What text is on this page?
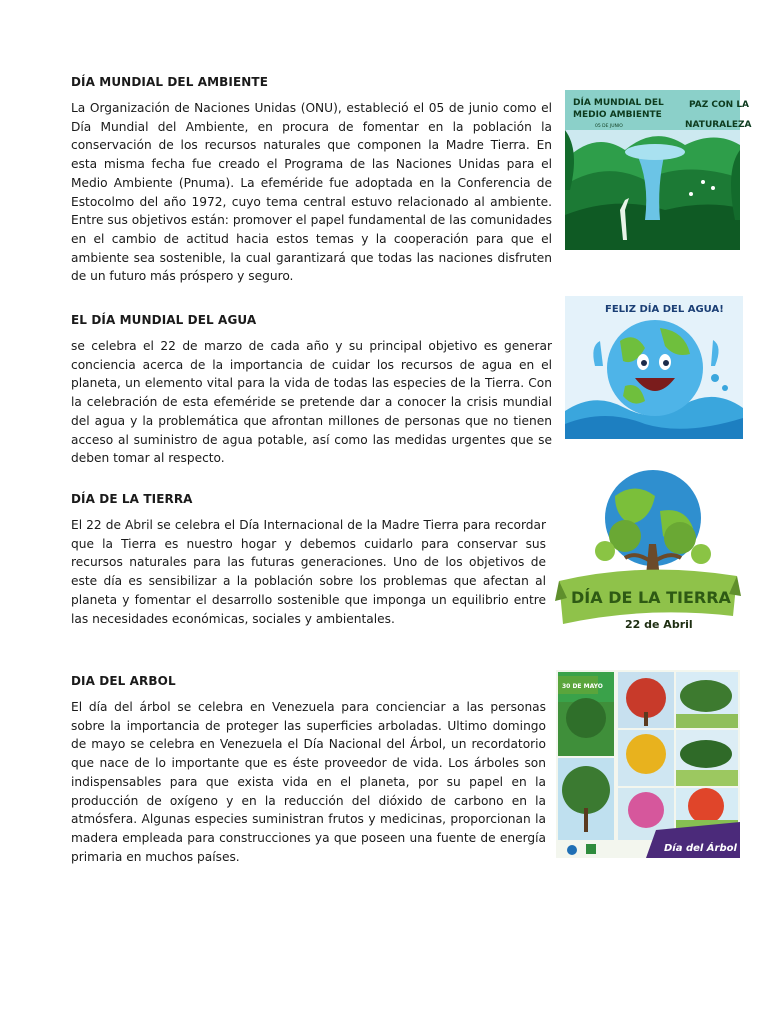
DÍA MUNDIAL DEL AMBIENTE

La Organización de Naciones Unidas (ONU), estableció el 05 de junio como el Día Mundial del Ambiente, en procura de fomentar en la población la conservación de los recursos naturales que componen la Madre Tierra. En esta misma fecha fue creado el Programa de las Naciones Unidas para el Medio Ambiente (Pnuma). La efeméride fue adoptada en la Conferencia de Estocolmo del año 1972, cuyo tema central estuvo relacionado al ambiente. Entre sus objetivos están: promover el papel fundamental de las comunidades en el cambio de actitud hacia estos temas y la cooperación para que el ambiente sea sostenible, la cual garantizará que todas las naciones disfruten de un futuro más próspero y seguro.

DÍA MUNDIAL DEL
MEDIO AMBIENTE
05 DE JUNIO
PAZ CON LA
NATURALEZA
EL DÍA MUNDIAL DEL AGUA

se celebra el 22 de marzo de cada año y su principal objetivo es generar conciencia acerca de la importancia de cuidar los recursos de agua en el planeta, un elemento vital para la vida de todas las especies de la Tierra. Con la celebración de esta efeméride se pretende dar a conocer la crisis mundial del agua y la problemática que afrontan millones de personas que no tienen acceso al suministro de agua potable, así como las medidas urgentes que se deben tomar al respecto.

FELIZ DÍA DEL AGUA!
DÍA DE LA TIERRA

El 22 de Abril se celebra el Día Internacional de la Madre Tierra para recordar que la Tierra es nuestro hogar y debemos cuidarlo para conservar sus recursos naturales para las futuras generaciones. Uno de los objetivos de este día es sensibilizar a la población sobre los problemas que afectan al planeta y fomentar el desarrollo sostenible que imponga un equilibrio entre las necesidades económicas, sociales y ambientales.

DÍA DE LA TIERRA
22 de Abril
DIA DEL ARBOL

El día del árbol se celebra en Venezuela para concienciar a las personas sobre la importancia de proteger las superficies arboladas. Ultimo domingo de mayo se celebra en Venezuela el Día Nacional del Árbol, un recordatorio que nace de lo importante que es éste proveedor de vida. Los árboles son indispensables para que exista vida en el planeta, por su papel en la producción de oxígeno y en la reducción del dióxido de carbono en la atmósfera. Algunas especies suministran frutos y medicinas, proporcionan la madera empleada para construcciones ya que poseen una fuente de energía primaria en muchos países.

30 DE MAYO
Día del Árbol
